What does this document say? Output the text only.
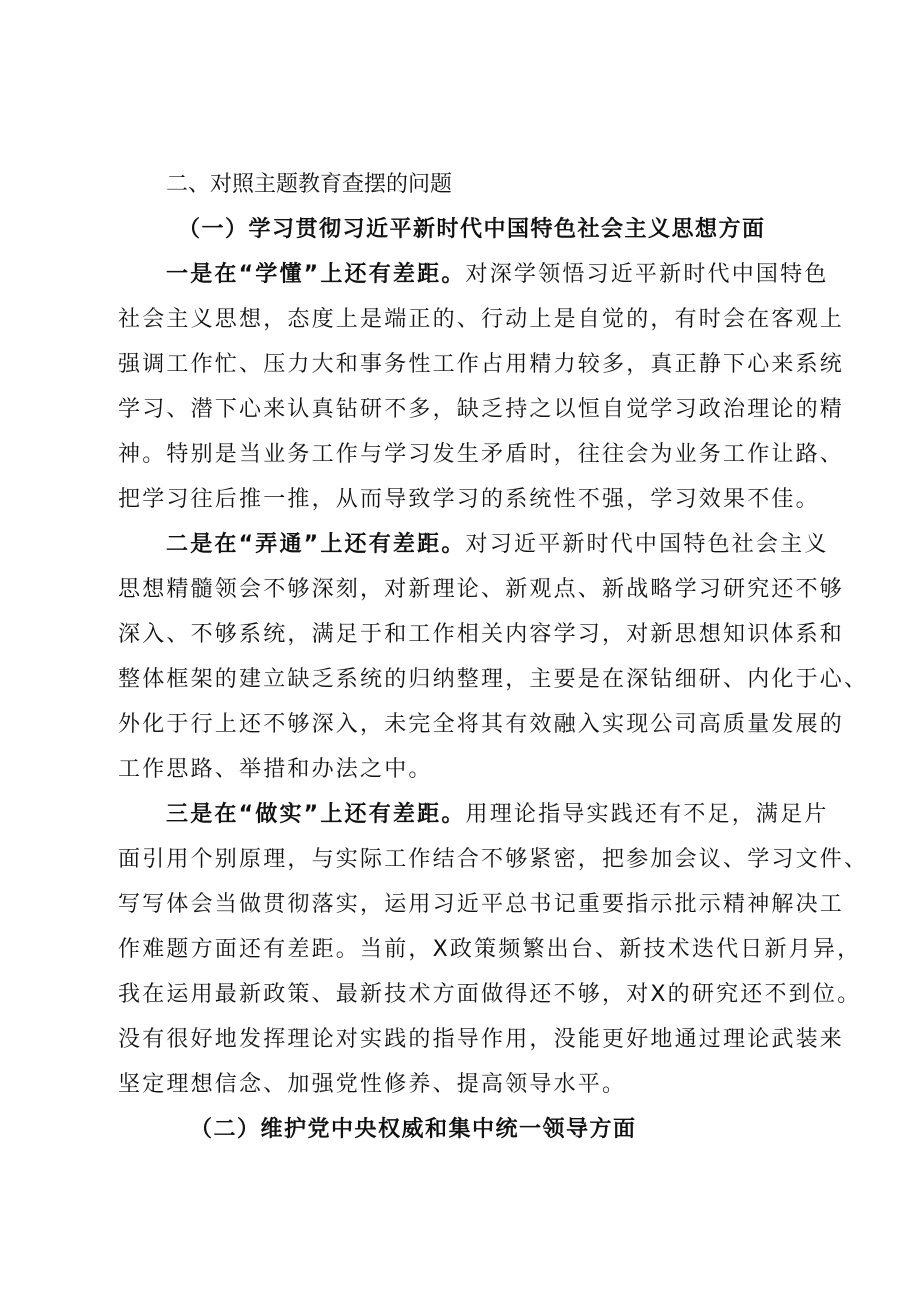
二、对照主题教育查摆的问题
（一）学习贯彻习近平新时代中国特色社会主义思想方面
一是在“学懂”上还有差距。对深学领悟习近平新时代中国特色
社会主义思想，态度上是端正的、行动上是自觉的，有时会在客观上
强调工作忙、压力大和事务性工作占用精力较多，真正静下心来系统
学习、潜下心来认真钻研不多，缺乏持之以恒自觉学习政治理论的精
神。特别是当业务工作与学习发生矛盾时，往往会为业务工作让路、
把学习往后推一推，从而导致学习的系统性不强，学习效果不佳。
二是在“弄通”上还有差距。对习近平新时代中国特色社会主义
思想精髓领会不够深刻，对新理论、新观点、新战略学习研究还不够
深入、不够系统，满足于和工作相关内容学习，对新思想知识体系和
整体框架的建立缺乏系统的归纳整理，主要是在深钻细研、内化于心、
外化于行上还不够深入，未完全将其有效融入实现公司高质量发展的
工作思路、举措和办法之中。
三是在“做实”上还有差距。用理论指导实践还有不足，满足片
面引用个别原理，与实际工作结合不够紧密，把参加会议、学习文件、
写写体会当做贯彻落实，运用习近平总书记重要指示批示精神解决工
作难题方面还有差距。当前，X政策频繁出台、新技术迭代日新月异，
我在运用最新政策、最新技术方面做得还不够，对X的研究还不到位。
没有很好地发挥理论对实践的指导作用，没能更好地通过理论武装来
坚定理想信念、加强党性修养、提高领导水平。
（二）维护党中央权威和集中统一领导方面
